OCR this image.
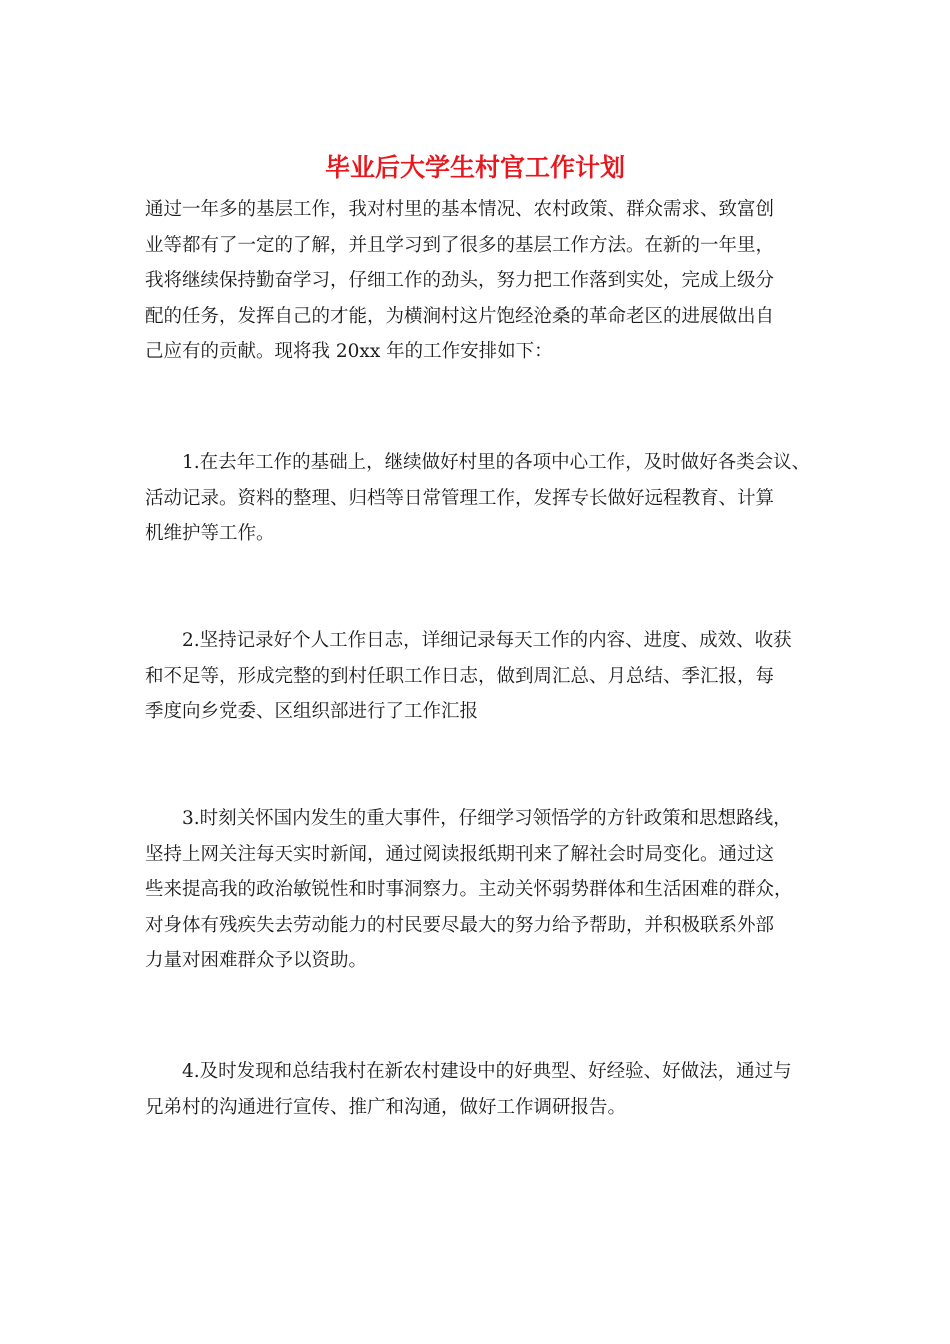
毕业后大学生村官工作计划

通过一年多的基层工作，我对村里的基本情况、农村政策、群众需求、致富创
业等都有了一定的了解，并且学习到了很多的基层工作方法。在新的一年里，
我将继续保持勤奋学习，仔细工作的劲头，努力把工作落到实处，完成上级分
配的任务，发挥自己的才能，为横涧村这片饱经沧桑的革命老区的进展做出自
己应有的贡献。现将我 20xx 年的工作安排如下：

　　1.在去年工作的基础上，继续做好村里的各项中心工作，及时做好各类会议、
活动记录。资料的整理、归档等日常管理工作，发挥专长做好远程教育、计算
机维护等工作。

　　2.坚持记录好个人工作日志，详细记录每天工作的内容、进度、成效、收获
和不足等，形成完整的到村任职工作日志，做到周汇总、月总结、季汇报，每
季度向乡党委、区组织部进行了工作汇报

　　3.时刻关怀国内发生的重大事件，仔细学习领悟学的方针政策和思想路线，
坚持上网关注每天实时新闻，通过阅读报纸期刊来了解社会时局变化。通过这
些来提高我的政治敏锐性和时事洞察力。主动关怀弱势群体和生活困难的群众，
对身体有残疾失去劳动能力的村民要尽最大的努力给予帮助，并积极联系外部
力量对困难群众予以资助。

　　4.及时发现和总结我村在新农村建设中的好典型、好经验、好做法，通过与
兄弟村的沟通进行宣传、推广和沟通，做好工作调研报告。
